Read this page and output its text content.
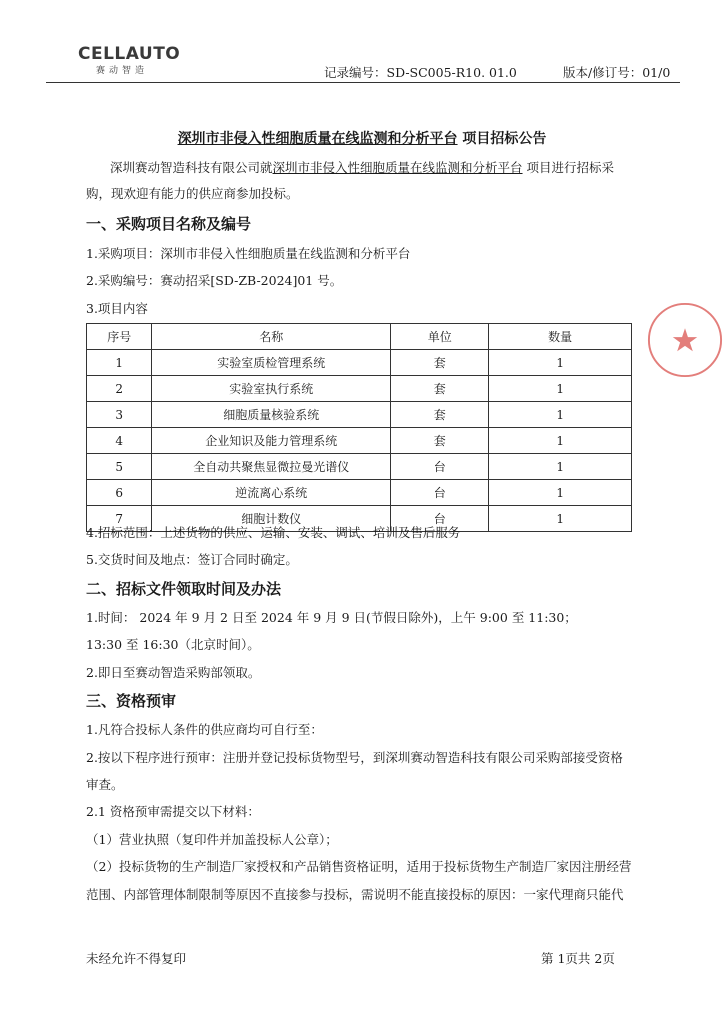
CELLAUTO
赛动智造	记录编号：SD-SC005-R10. 01.0	版本/修订号：01/0
深圳市非侵入性细胞质量在线监测和分析平台 项目招标公告
深圳赛动智造科技有限公司就深圳市非侵入性细胞质量在线监测和分析平台 项目进行招标采
购，现欢迎有能力的供应商参加投标。
一、采购项目名称及编号
1.采购项目：深圳市非侵入性细胞质量在线监测和分析平台
2.采购编号：赛动招采[SD-ZB-2024]01 号。
3.项目内容
序号	名称	单位	数量
1	实验室质检管理系统	套	1
2	实验室执行系统	套	1
3	细胞质量核验系统	套	1
4	企业知识及能力管理系统	套	1
5	全自动共聚焦显微拉曼光谱仪	台	1
6	逆流离心系统	台	1
7	细胞计数仪	台	1
4.招标范围：上述货物的供应、运输、安装、调试、培训及售后服务
5.交货时间及地点：签订合同时确定。
二、招标文件领取时间及办法
1.时间： 2024 年 9 月 2 日至 2024 年 9 月 9 日(节假日除外)，上午 9:00 至 11:30；
13:30 至 16:30（北京时间）。
2.即日至赛动智造采购部领取。
三、资格预审
1.凡符合投标人条件的供应商均可自行至：
2.按以下程序进行预审：注册并登记投标货物型号，到深圳赛动智造科技有限公司采购部接受资格
审查。
2.1 资格预审需提交以下材料：
（1）营业执照（复印件并加盖投标人公章）；
（2）投标货物的生产制造厂家授权和产品销售资格证明，适用于投标货物生产制造厂家因注册经营
范围、内部管理体制限制等原因不直接参与投标，需说明不能直接投标的原因：一家代理商只能代
未经允许不得复印	第 1页共 2页
